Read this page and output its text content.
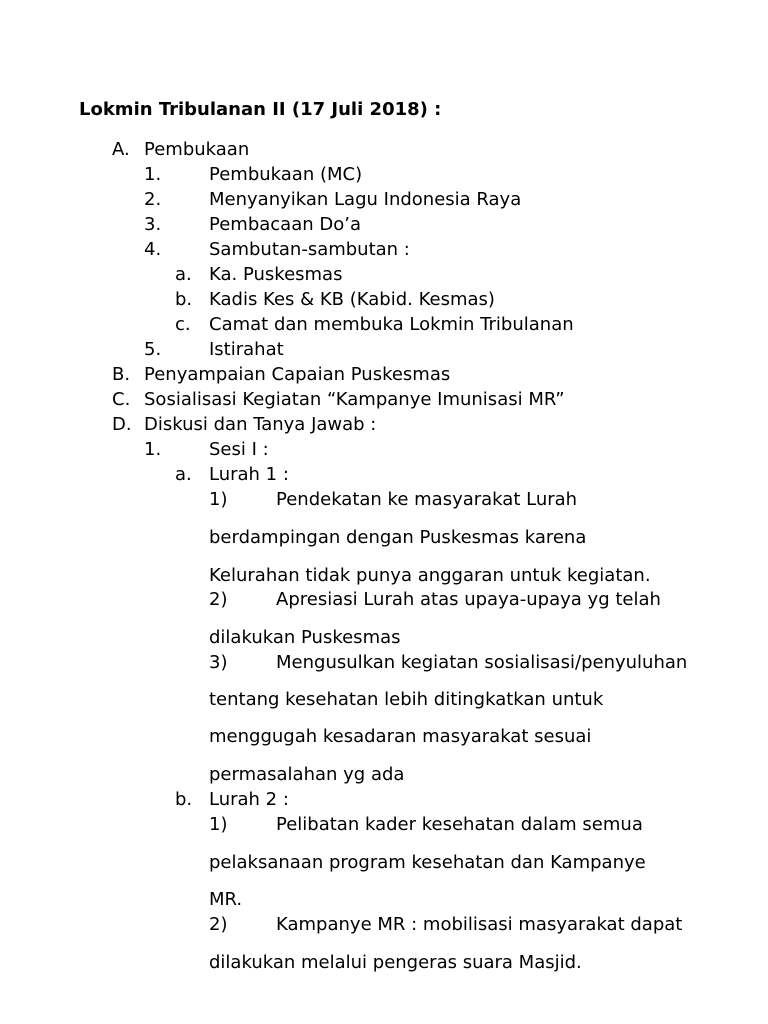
Lokmin Tribulanan II (17 Juli 2018) :
A. Pembukaan
1.	Pembukaan (MC)
2.	Menyanyikan Lagu Indonesia Raya
3.	Pembacaan Do’a
4.	Sambutan-sambutan :
a. Ka. Puskesmas
b. Kadis Kes & KB (Kabid. Kesmas)
c. Camat dan membuka Lokmin Tribulanan
5.	Istirahat
B. Penyampaian Capaian Puskesmas
C. Sosialisasi Kegiatan “Kampanye Imunisasi MR”
D. Diskusi dan Tanya Jawab :
1.	Sesi I :
a. Lurah 1 :
1)	Pendekatan ke masyarakat Lurah
berdampingan dengan Puskesmas karena
Kelurahan tidak punya anggaran untuk kegiatan.
2)	Apresiasi Lurah atas upaya-upaya yg telah
dilakukan Puskesmas
3)	Mengusulkan kegiatan sosialisasi/penyuluhan
tentang kesehatan lebih ditingkatkan untuk
menggugah kesadaran masyarakat sesuai
permasalahan yg ada
b. Lurah 2 :
1)	Pelibatan kader kesehatan dalam semua
pelaksanaan program kesehatan dan Kampanye
MR.
2)	Kampanye MR : mobilisasi masyarakat dapat
dilakukan melalui pengeras suara Masjid.
